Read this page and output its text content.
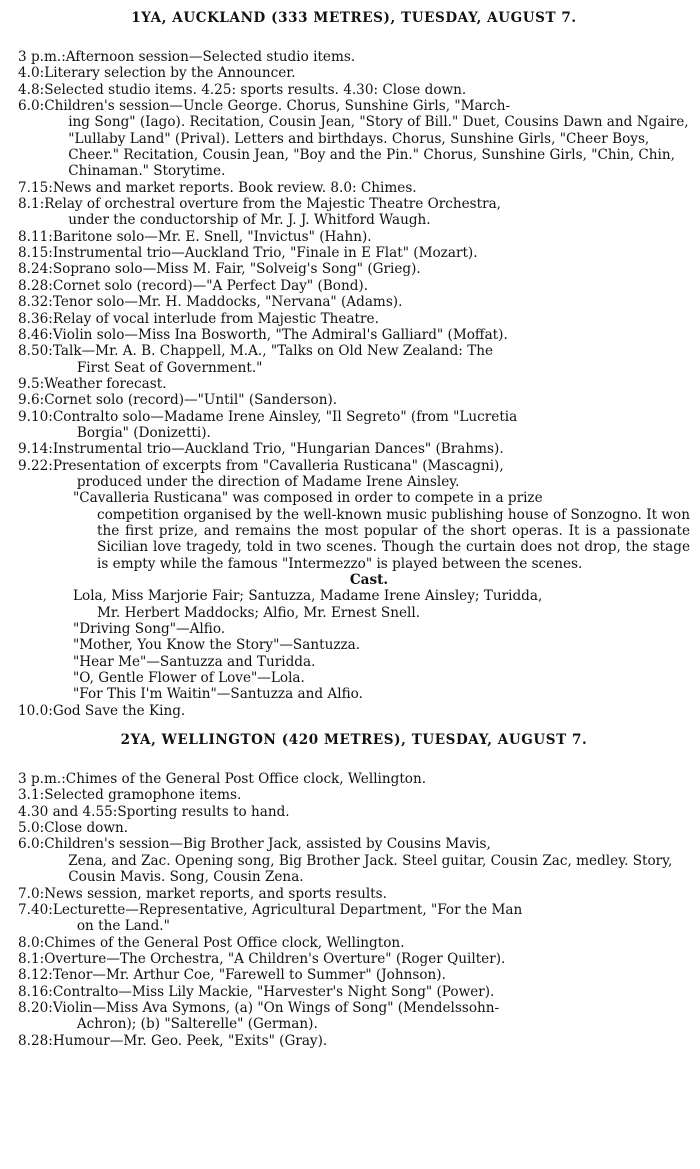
1YA, AUCKLAND (333 METRES), TUESDAY, AUGUST 7.
3 p.m.: Afternoon session—Selected studio items.
4.0: Literary selection by the Announcer.
4.8: Selected studio items. 4.25: sports results. 4.30: Close down.
6.0: Children's session—Uncle George. Chorus, Sunshine Girls, "March-
ing Song" (Iago). Recitation, Cousin Jean, "Story of Bill." Duet, Cousins Dawn and Ngaire, "Lullaby Land" (Prival). Letters and birthdays. Chorus, Sunshine Girls, "Cheer Boys, Cheer." Recitation, Cousin Jean, "Boy and the Pin." Chorus, Sunshine Girls, "Chin, Chin, Chinaman." Storytime.
7.15: News and market reports. Book review. 8.0: Chimes.
8.1: Relay of orchestral overture from the Majestic Theatre Orchestra,
under the conductorship of Mr. J. J. Whitford Waugh.
8.11: Baritone solo—Mr. E. Snell, "Invictus" (Hahn).
8.15: Instrumental trio—Auckland Trio, "Finale in E Flat" (Mozart).
8.24: Soprano solo—Miss M. Fair, "Solveig's Song" (Grieg).
8.28: Cornet solo (record)—"A Perfect Day" (Bond).
8.32: Tenor solo—Mr. H. Maddocks, "Nervana" (Adams).
8.36: Relay of vocal interlude from Majestic Theatre.
8.46: Violin solo—Miss Ina Bosworth, "The Admiral's Galliard" (Moffat).
8.50: Talk—Mr. A. B. Chappell, M.A., "Talks on Old New Zealand: The
First Seat of Government."
9.5: Weather forecast.
9.6: Cornet solo (record)—"Until" (Sanderson).
9.10: Contralto solo—Madame Irene Ainsley, "Il Segreto" (from "Lucretia
Borgia" (Donizetti).
9.14: Instrumental trio—Auckland Trio, "Hungarian Dances" (Brahms).
9.22: Presentation of excerpts from "Cavalleria Rusticana" (Mascagni),
produced under the direction of Madame Irene Ainsley.
"Cavalleria Rusticana" was composed in order to compete in a prize
competition organised by the well-known music publishing house of Sonzogno. It won the first prize, and remains the most popular of the short operas. It is a passionate Sicilian love tragedy, told in two scenes. Though the curtain does not drop, the stage is empty while the famous "Intermezzo" is played between the scenes.
Cast.
Lola, Miss Marjorie Fair; Santuzza, Madame Irene Ainsley; Turidda,
Mr. Herbert Maddocks; Alfio, Mr. Ernest Snell.
"Driving Song"—Alfio.
"Mother, You Know the Story"—Santuzza.
"Hear Me"—Santuzza and Turidda.
"O, Gentle Flower of Love"—Lola.
"For This I'm Waitin"—Santuzza and Alfio.
10.0: God Save the King.
2YA, WELLINGTON (420 METRES), TUESDAY, AUGUST 7.
3 p.m.: Chimes of the General Post Office clock, Wellington.
3.1: Selected gramophone items.
4.30 and 4.55: Sporting results to hand.
5.0: Close down.
6.0: Children's session—Big Brother Jack, assisted by Cousins Mavis,
Zena, and Zac. Opening song, Big Brother Jack. Steel guitar, Cousin Zac, medley. Story, Cousin Mavis. Song, Cousin Zena.
7.0: News session, market reports, and sports results.
7.40: Lecturette—Representative, Agricultural Department, "For the Man
on the Land."
8.0: Chimes of the General Post Office clock, Wellington.
8.1: Overture—The Orchestra, "A Children's Overture" (Roger Quilter).
8.12: Tenor—Mr. Arthur Coe, "Farewell to Summer" (Johnson).
8.16: Contralto—Miss Lily Mackie, "Harvester's Night Song" (Power).
8.20: Violin—Miss Ava Symons, (a) "On Wings of Song" (Mendelssohn-
Achron); (b) "Salterelle" (German).
8.28: Humour—Mr. Geo. Peek, "Exits" (Gray).
